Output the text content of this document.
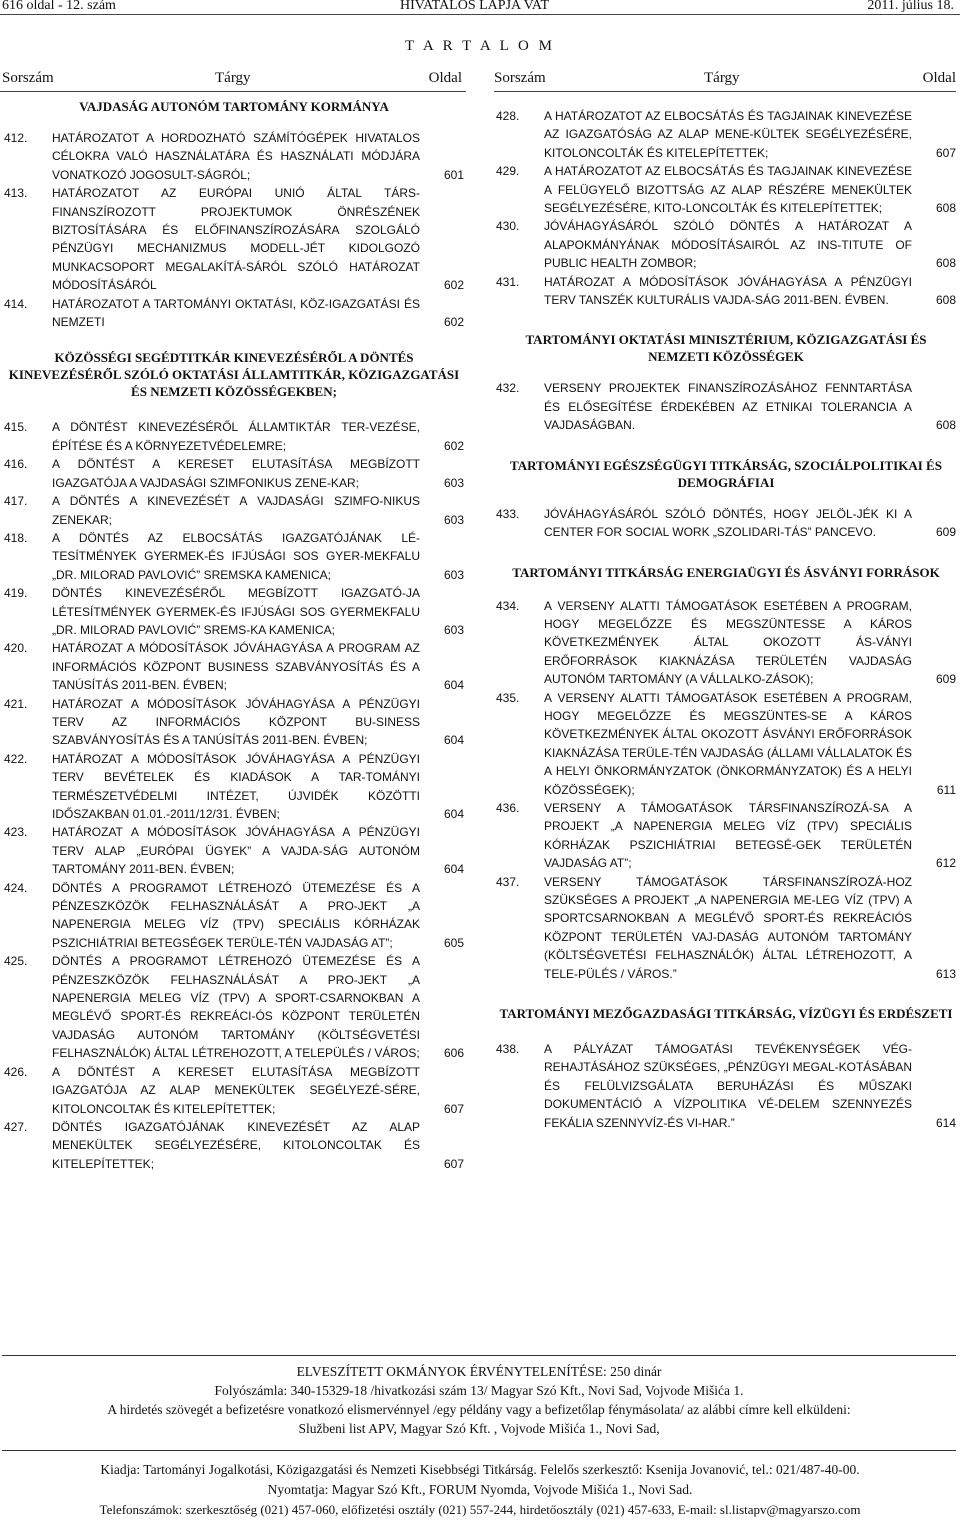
616 oldal - 12. szám	HIVATALOS LAPJA VAT	2011. július 18.
T A R T A L O M
Sorszám	Tárgy	Oldal Sorszám	Tárgy	Oldal
VAJDASÁG AUTONÓM TARTOMÁNY KORMÁNYA
412. HATÁROZATOT A HORDOZHATÓ SZÁMÍTÓGÉPEK HIVATALOS CÉLOKRA VALÓ HASZNÁLATÁRA ÉS HASZNÁLATI MÓDJÁRA VONATKOZÓ JOGOSULT-SÁGRÓL;	601
413. HATÁROZATOT AZ EURÓPAI UNIÓ ÁLTAL TÁRS-FINANSZÍROZOTT PROJEKTUMOK ÖNRÉSZÉNEK BIZTOSÍTÁSÁRA ÉS ELŐFINANSZÍROZÁSÁRA SZOLGÁLÓ PÉNZÜGYI MECHANIZMUS MODELL-JÉT KIDOLGOZÓ MUNKACSOPORT MEGALAKÍTÁ-SÁRÓL SZÓLÓ HATÁROZAT MÓDOSÍTÁSÁRÓL	602
414. HATÁROZATOT A TARTOMÁNYI OKTATÁSI, KÖZ-IGAZGATÁSI ÉS NEMZETI	602
KÖZÖSSÉGI SEGÉDTITKÁR KINEVEZÉSÉRŐL A DÖNTÉS KINEVEZÉSÉRŐL SZÓLÓ OKTATÁSI ÁLLAMTITKÁR, KÖZIGAZGATÁSI ÉS NEMZETI KÖZÖSSÉGEKBEN;
415. A DÖNTÉST KINEVEZÉSÉRŐL ÁLLAMTIKTÁR TER-VEZÉSE, ÉPÍTÉSE ÉS A KÖRNYEZETVÉDELEMRE;	602
416. A DÖNTÉST A KERESET ELUTASÍTÁSA MEGBÍZOTT IGAZGATÓJA A VAJDASÁGI SZIMFONIKUS ZENE-KAR;	603
417. A DÖNTÉS A KINEVEZÉSÉT A VAJDASÁGI SZIMFO-NIKUS ZENEKAR;	603
418. A DÖNTÉS AZ ELBOCSÁTÁS IGAZGATÓJÁNAK LÉ-TESÍTMÉNYEK GYERMEK-ÉS IFJÚSÁGI SOS GYER-MEKFALU „DR. MILORAD PAVLOVIĆ” SREMSKA KAMENICA;	603
419. DÖNTÉS KINEVEZÉSÉRŐL MEGBÍZOTT IGAZGATÓ-JA LÉTESÍTMÉNYEK GYERMEK-ÉS IFJÚSÁGI SOS GYERMEKFALU „DR. MILORAD PAVLOVIĆ” SREMS-KA KAMENICA;	603
420. HATÁROZAT A MÓDOSÍTÁSOK JÓVÁHAGYÁSA A PROGRAM AZ INFORMÁCIÓS KÖZPONT BUSINESS SZABVÁNYOSÍTÁS ÉS A TANÚSÍTÁS 2011-BEN. ÉVBEN;	604
421. HATÁROZAT A MÓDOSÍTÁSOK JÓVÁHAGYÁSA A PÉNZÜGYI TERV AZ INFORMÁCIÓS KÖZPONT BU-SINESS SZABVÁNYOSÍTÁS ÉS A TANÚSÍTÁS 2011-BEN. ÉVBEN;	604
422. HATÁROZAT A MÓDOSÍTÁSOK JÓVÁHAGYÁSA A PÉNZÜGYI TERV BEVÉTELEK ÉS KIADÁSOK A TAR-TOMÁNYI TERMÉSZETVÉDELMI INTÉZET, ÚJVIDÉK KÖZÖTTI IDŐSZAKBAN 01.01.-2011/12/31. ÉVBEN;	604
423. HATÁROZAT A MÓDOSÍTÁSOK JÓVÁHAGYÁSA A PÉNZÜGYI TERV ALAP „EURÓPAI ÜGYEK” A VAJDA-SÁG AUTONÓM TARTOMÁNY 2011-BEN. ÉVBEN;	604
424. DÖNTÉS A PROGRAMOT LÉTREHOZÓ ÜTEMEZÉSE ÉS A PÉNZESZKÖZÖK FELHASZNÁLÁSÁT A PRO-JEKT „A NAPENERGIA MELEG VÍZ (TPV) SPECIÁLIS KÓRHÁZAK PSZICHIÁTRIAI BETEGSÉGEK TERÜLE-TÉN VAJDASÁG AT”;	605
425. DÖNTÉS A PROGRAMOT LÉTREHOZÓ ÜTEMEZÉSE ÉS A PÉNZESZKÖZÖK FELHASZNÁLÁSÁT A PRO-JEKT „A NAPENERGIA MELEG VÍZ (TPV) A SPORT-CSARNOKBAN A MEGLÉVŐ SPORT-ÉS REKREÁCI-ÓS KÖZPONT TERÜLETÉN VAJDASÁG AUTONÓM TARTOMÁNY (KÖLTSÉGVETÉSI FELHASZNÁLÓK) ÁLTAL LÉTREHOZOTT, A TELEPÜLÉS / VÁROS; 606
426. A DÖNTÉST A KERESET ELUTASÍTÁSA MEGBÍZOTT IGAZGATÓJA AZ ALAP MENEKÜLTEK SEGÉLYEZÉ-SÉRE, KITOLONCOLTAK ÉS KITELEPÍTETTEK;	607
427. DÖNTÉS IGAZGATÓJÁNAK KINEVEZÉSÉT AZ ALAP MENEKÜLTEK SEGÉLYEZÉSÉRE, KITOLONCOLTAK ÉS KITELEPÍTETTEK;	607
428. A HATÁROZATOT AZ ELBOCSÁTÁS ÉS TAGJAINAK KINEVEZÉSE AZ IGAZGATÓSÁG AZ ALAP MENE-KÜLTEK SEGÉLYEZÉSÉRE, KITOLONCOLTÁK ÉS KITELEPÍTETTEK;	607
429. A HATÁROZATOT AZ ELBOCSÁTÁS ÉS TAGJAINAK KINEVEZÉSE A FELÜGYELŐ BIZOTTSÁG AZ ALAP RÉSZÉRE MENEKÜLTEK SEGÉLYEZÉSÉRE, KITO-LONCOLTÁK ÉS KITELEPÍTETTEK;	608
430. JÓVÁHAGYÁSÁRÓL SZÓLÓ DÖNTÉS A HATÁROZAT A ALAPOKMÁNYÁNAK MÓDOSÍTÁSAIRÓL AZ INS-TITUTE OF PUBLIC HEALTH ZOMBOR;	608
431. HATÁROZAT A MÓDOSÍTÁSOK JÓVÁHAGYÁSA A PÉNZÜGYI TERV TANSZÉK KULTURÁLIS VAJDA-SÁG 2011-BEN. ÉVBEN.	608
TARTOMÁNYI OKTATÁSI MINISZTÉRIUM, KÖZIGAZGATÁSI ÉS NEMZETI KÖZÖSSÉGEK
432. VERSENY PROJEKTEK FINANSZÍROZÁSÁHOZ FENNTARTÁSA ÉS ELŐSEGÍTÉSE ÉRDEKÉBEN AZ ETNIKAI TOLERANCIA A VAJDASÁGBAN.	608
TARTOMÁNYI EGÉSZSÉGÜGYI TITKÁRSÁG, SZOCIÁLPOLITIKAI ÉS DEMOGRÁFIAI
433. JÓVÁHAGYÁSÁRÓL SZÓLÓ DÖNTÉS, HOGY JELÖL-JÉK KI A CENTER FOR SOCIAL WORK „SZOLIDARI-TÁS” PANCEVO.	609
TARTOMÁNYI TITKÁRSÁG ENERGIAÜGYI ÉS ÁSVÁNYI FORRÁSOK
434. A VERSENY ALATTI TÁMOGATÁSOK ESETÉBEN A PROGRAM, HOGY MEGELŐZZE ÉS MEGSZÜNTESSE A KÁROS KÖVETKEZMÉNYEK ÁLTAL OKOZOTT ÁS-VÁNYI ERŐFORRÁSOK KIAKNÁZÁSA TERÜLETÉN VAJDASÁG AUTONÓM TARTOMÁNY (A VÁLLALKO-ZÁSOK);	609
435. A VERSENY ALATTI TÁMOGATÁSOK ESETÉBEN A PROGRAM, HOGY MEGELŐZZE ÉS MEGSZÜNTES-SE A KÁROS KÖVETKEZMÉNYEK ÁLTAL OKOZOTT ÁSVÁNYI ERŐFORRÁSOK KIAKNÁZÁSA TERÜLE-TÉN VAJDASÁG (ÁLLAMI VÁLLALATOK ÉS A HELYI ÖNKORMÁNYZATOK (ÖNKORMÁNYZATOK) ÉS A HELYI KÖZÖSSÉGEK);	611
436. VERSENY A TÁMOGATÁSOK TÁRSFINANSZÍROZÁ-SA A PROJEKT „A NAPENERGIA MELEG VÍZ (TPV) SPECIÁLIS KÓRHÁZAK PSZICHIÁTRIAI BETEGSÉ-GEK TERÜLETÉN VAJDASÁG AT”;	612
437. VERSENY TÁMOGATÁSOK TÁRSFINANSZÍROZÁ-HOZ SZÜKSÉGES A PROJEKT „A NAPENERGIA ME-LEG VÍZ (TPV) A SPORTCSARNOKBAN A MEGLÉVŐ SPORT-ÉS REKREÁCIÓS KÖZPONT TERÜLETÉN VAJ-DASÁG AUTONÓM TARTOMÁNY (KÖLTSÉGVETÉSI FELHASZNÁLÓK) ÁLTAL LÉTREHOZOTT, A TELE-PÜLÉS / VÁROS.”	613
TARTOMÁNYI MEZŐGAZDASÁGI TITKÁRSÁG, VÍZÜGYI ÉS ERDÉSZETI
438. A PÁLYÁZAT TÁMOGATÁSI TEVÉKENYSÉGEK VÉG-REHAJTÁSÁHOZ SZÜKSÉGES, „PÉNZÜGYI MEGAL-KOTÁSÁBAN ÉS FELÜLVIZSGÁLATA BERUHÁZÁSI ÉS MŰSZAKI DOKUMENTÁCIÓ A VÍZPOLITIKA VÉ-DELEM SZENNYEZÉS FEKÁLIA SZENNYVÍZ-ÉS VI-HAR.”	614
ELVESZÍTETT OKMÁNYOK ÉRVÉNYTELENÍTÉSE: 250 dinár
Folyószámla: 340-15329-18 /hivatkozási szám 13/ Magyar Szó Kft., Novi Sad, Vojvode Mišića 1.
A hirdetés szövegét a befizetésre vonatkozó elismervénnyel /egy példány vagy a befizetőlap fénymásolata/ az alábbi címre kell elküldeni:
Službeni list APV, Magyar Szó Kft. , Vojvode Mišića 1., Novi Sad,
Kiadja: Tartományi Jogalkotási, Közigazgatási és Nemzeti Kisebbségi Titkárság. Felelős szerkesztő: Ksenija Jovanović, tel.: 021/487-40-00.
Nyomtatja: Magyar Szó Kft., FORUM Nyomda, Vojvode Mišića 1., Novi Sad.
Telefonszámok: szerkesztőség (021) 457-060, előfizetési osztály (021) 557-244, hirdetőosztály (021) 457-633, E-mail: sl.listapv@magyarszo.com
